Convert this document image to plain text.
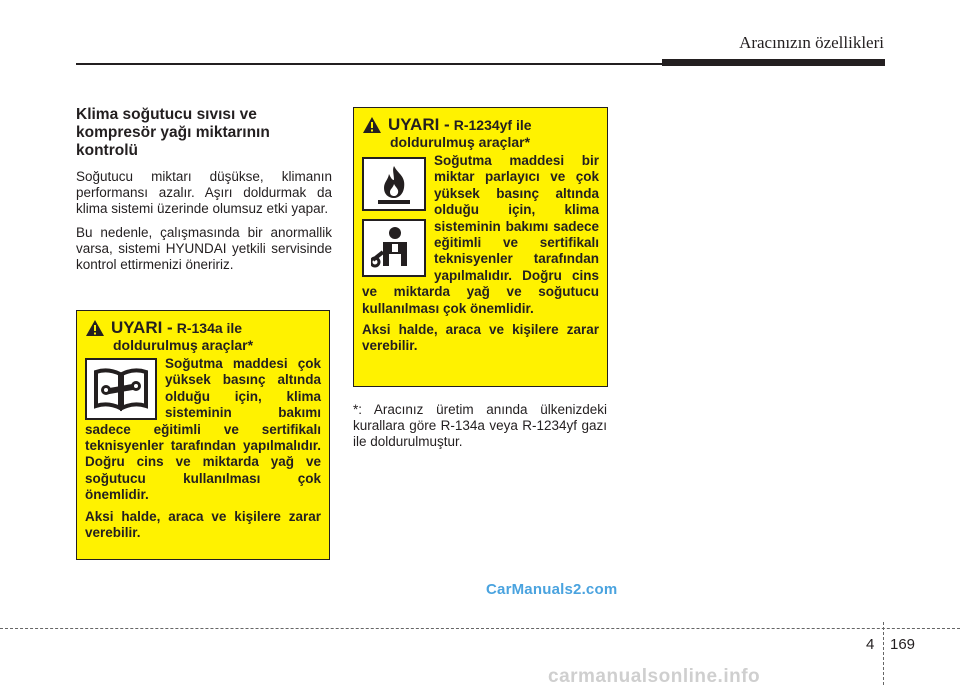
Aracınızın özellikleri
Klima soğutucu sıvısı ve kompresör yağı miktarının kontrolü

Soğutucu miktarı düşükse, klimanın performansı azalır. Aşırı doldurmak da klima sistemi üzerinde olumsuz etki yapar.

Bu nedenle, çalışmasında bir anormallik varsa, sistemi HYUNDAI yetkili servisinde kontrol ettirmenizi öneririz.

UYARI - R-134a ile
doldurulmuş araçlar*

Soğutma maddesi çok yüksek basınç altında olduğu için, klima sisteminin bakımı sadece eğitimli ve sertifikalı teknisyenler tarafından yapılmalıdır. Doğru cins ve miktarda yağ ve soğutucu kullanılması çok önemlidir.

Aksi halde, araca ve kişilere zarar verebilir.

UYARI - R-1234yf ile
doldurulmuş araçlar*

Soğutma maddesi bir miktar parlayıcı ve çok yüksek basınç altında olduğu için, klima sisteminin bakımı sadece eğitimli ve sertifikalı teknisyenler tarafından yapılmalıdır. Doğru cins ve miktarda yağ ve soğutucu kullanılması çok önemlidir.

Aksi halde, araca ve kişilere zarar verebilir.

*: Aracınız üretim anında ülkenizdeki kurallara göre R-134a veya R-1234yf gazı ile doldurulmuştur.
CarManuals2.com
4 169
carmanualsonline.info
